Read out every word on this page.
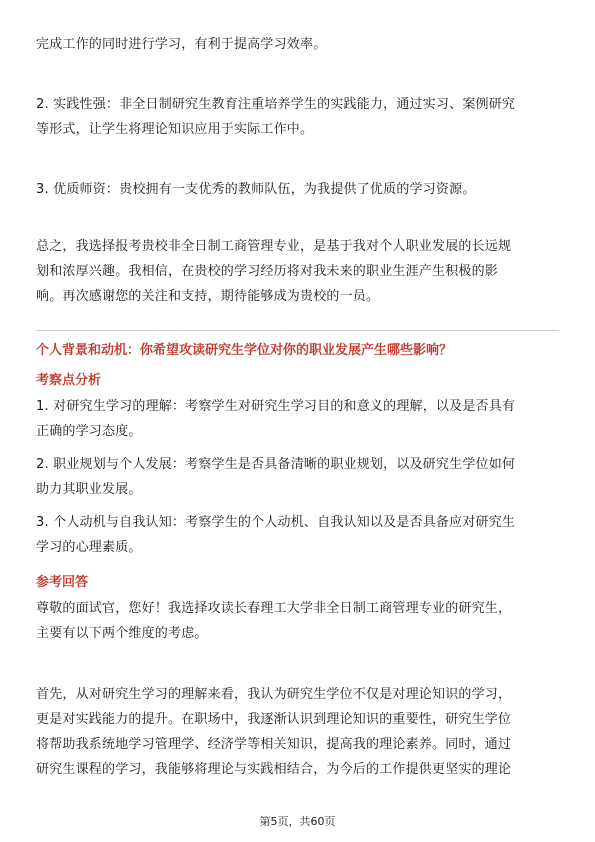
完成工作的同时进行学习，有利于提高学习效率。

2. 实践性强：非全日制研究生教育注重培养学生的实践能力，通过实习、案例研究
等形式，让学生将理论知识应用于实际工作中。

3. 优质师资：贵校拥有一支优秀的教师队伍，为我提供了优质的学习资源。

总之，我选择报考贵校非全日制工商管理专业，是基于我对个人职业发展的长远规
划和浓厚兴趣。我相信，在贵校的学习经历将对我未来的职业生涯产生积极的影
响。再次感谢您的关注和支持，期待能够成为贵校的一员。

个人背景和动机：你希望攻读研究生学位对你的职业发展产生哪些影响？

考察点分析

1. 对研究生学习的理解：考察学生对研究生学习目的和意义的理解，以及是否具有
正确的学习态度。

2. 职业规划与个人发展：考察学生是否具备清晰的职业规划，以及研究生学位如何
助力其职业发展。

3. 个人动机与自我认知：考察学生的个人动机、自我认知以及是否具备应对研究生
学习的心理素质。

参考回答

尊敬的面试官，您好！我选择攻读长春理工大学非全日制工商管理专业的研究生，
主要有以下两个维度的考虑。

首先，从对研究生学习的理解来看，我认为研究生学位不仅是对理论知识的学习，
更是对实践能力的提升。在职场中，我逐渐认识到理论知识的重要性，研究生学位
将帮助我系统地学习管理学、经济学等相关知识，提高我的理论素养。同时，通过
研究生课程的学习，我能够将理论与实践相结合，为今后的工作提供更坚实的理论

第5页，共60页
